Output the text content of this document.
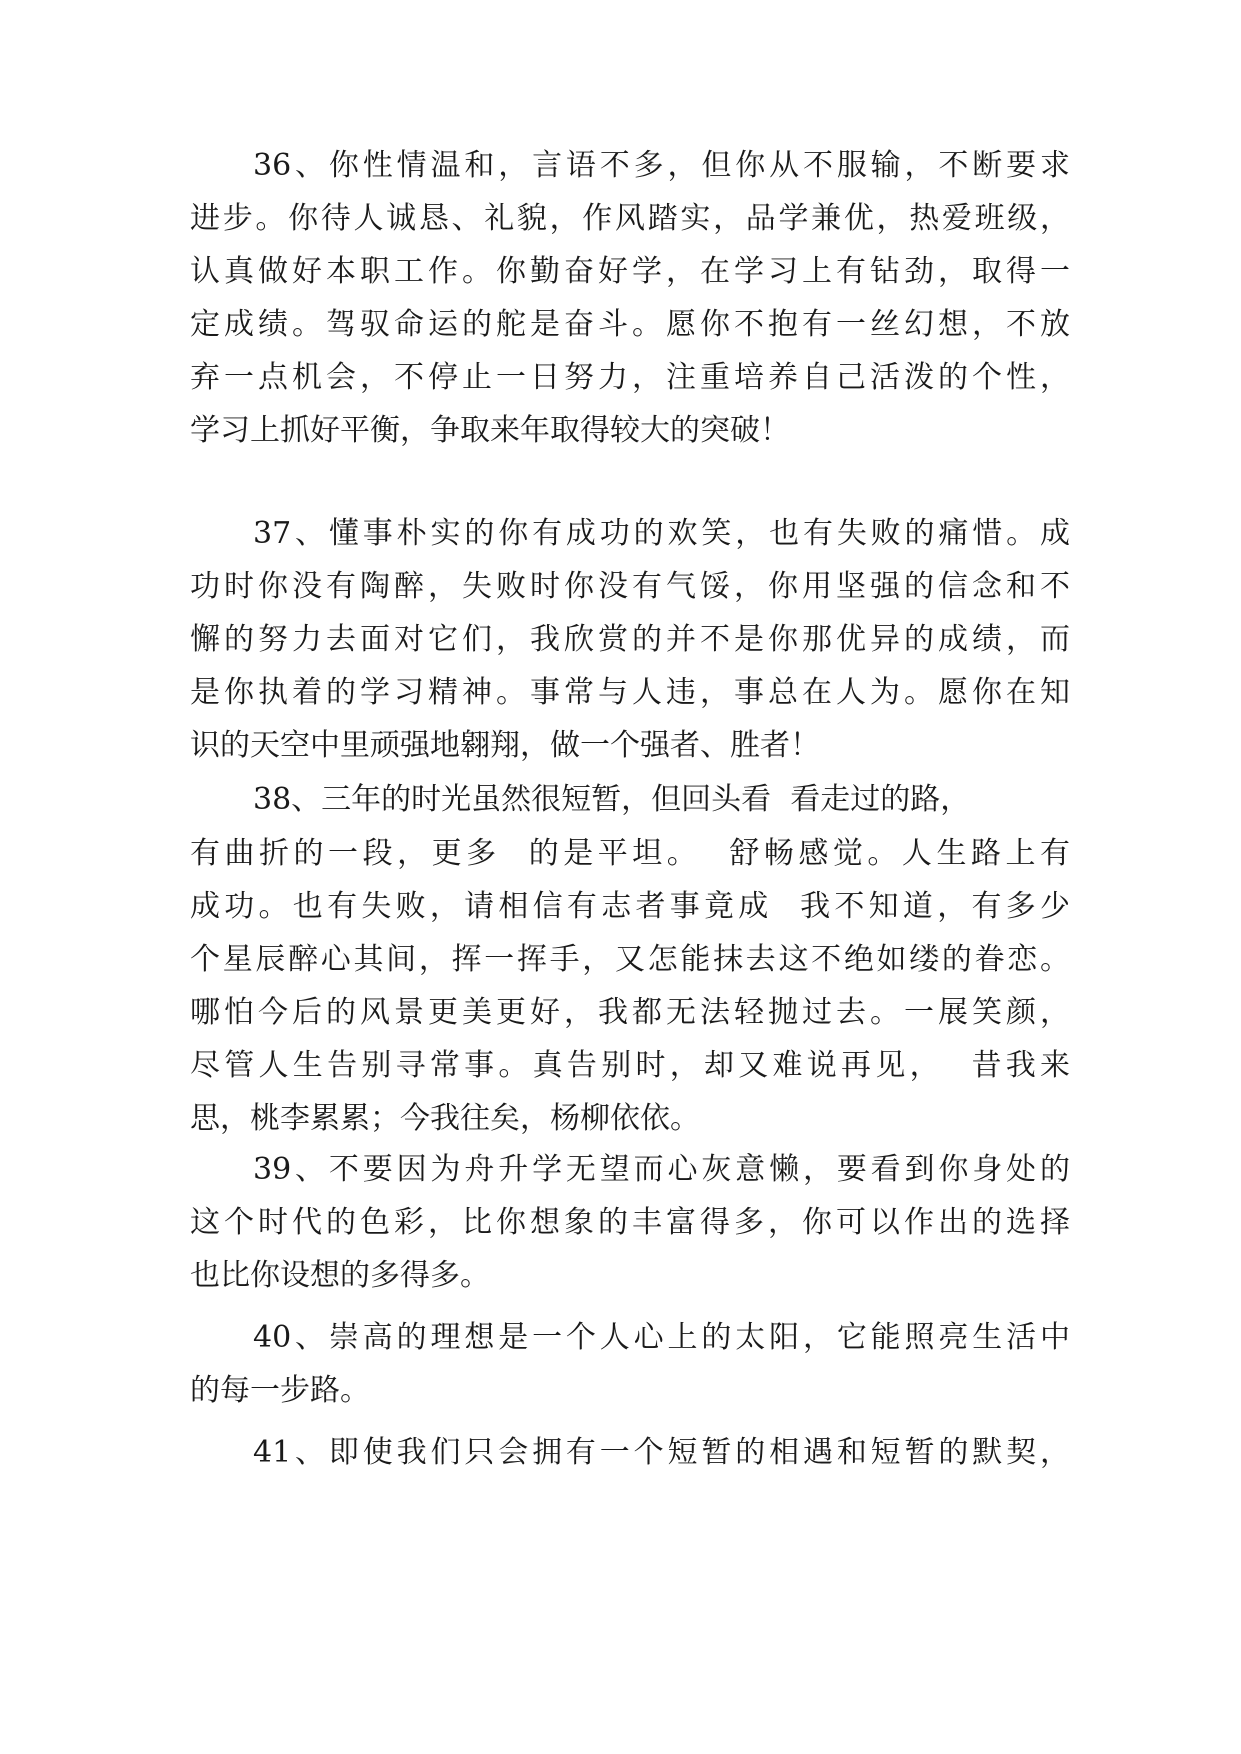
36、你性情温和，言语不多，但你从不服输，不断要求
进步。你待人诚恳、礼貌，作风踏实，品学兼优，热爱班级，
认真做好本职工作。你勤奋好学，在学习上有钻劲，取得一
定成绩。驾驭命运的舵是奋斗。愿你不抱有一丝幻想，不放
弃一点机会，不停止一日努力，注重培养自己活泼的个性，
学习上抓好平衡，争取来年取得较大的突破！
37、懂事朴实的你有成功的欢笑，也有失败的痛惜。成
功时你没有陶醉，失败时你没有气馁，你用坚强的信念和不
懈的努力去面对它们，我欣赏的并不是你那优异的成绩，而
是你执着的学习精神。事常与人违，事总在人为。愿你在知
识的天空中里顽强地翱翔，做一个强者、胜者！
38、三年的时光虽然很短暂，但回头看  看走过的路，
有曲折的一段，更多  的是平坦。  舒畅感觉。人生路上有
成功。也有失败，请相信有志者事竟成  我不知道，有多少
个星辰醉心其间，挥一挥手，又怎能抹去这不绝如缕的眷恋。
哪怕今后的风景更美更好，我都无法轻抛过去。一展笑颜，
尽管人生告别寻常事。真告别时，却又难说再见，  昔我来
思，桃李累累；今我往矣，杨柳依依。
39、不要因为舟升学无望而心灰意懒，要看到你身处的
这个时代的色彩，比你想象的丰富得多，你可以作出的选择
也比你设想的多得多。
40、崇高的理想是一个人心上的太阳，它能照亮生活中
的每一步路。
41、即使我们只会拥有一个短暂的相遇和短暂的默契，
